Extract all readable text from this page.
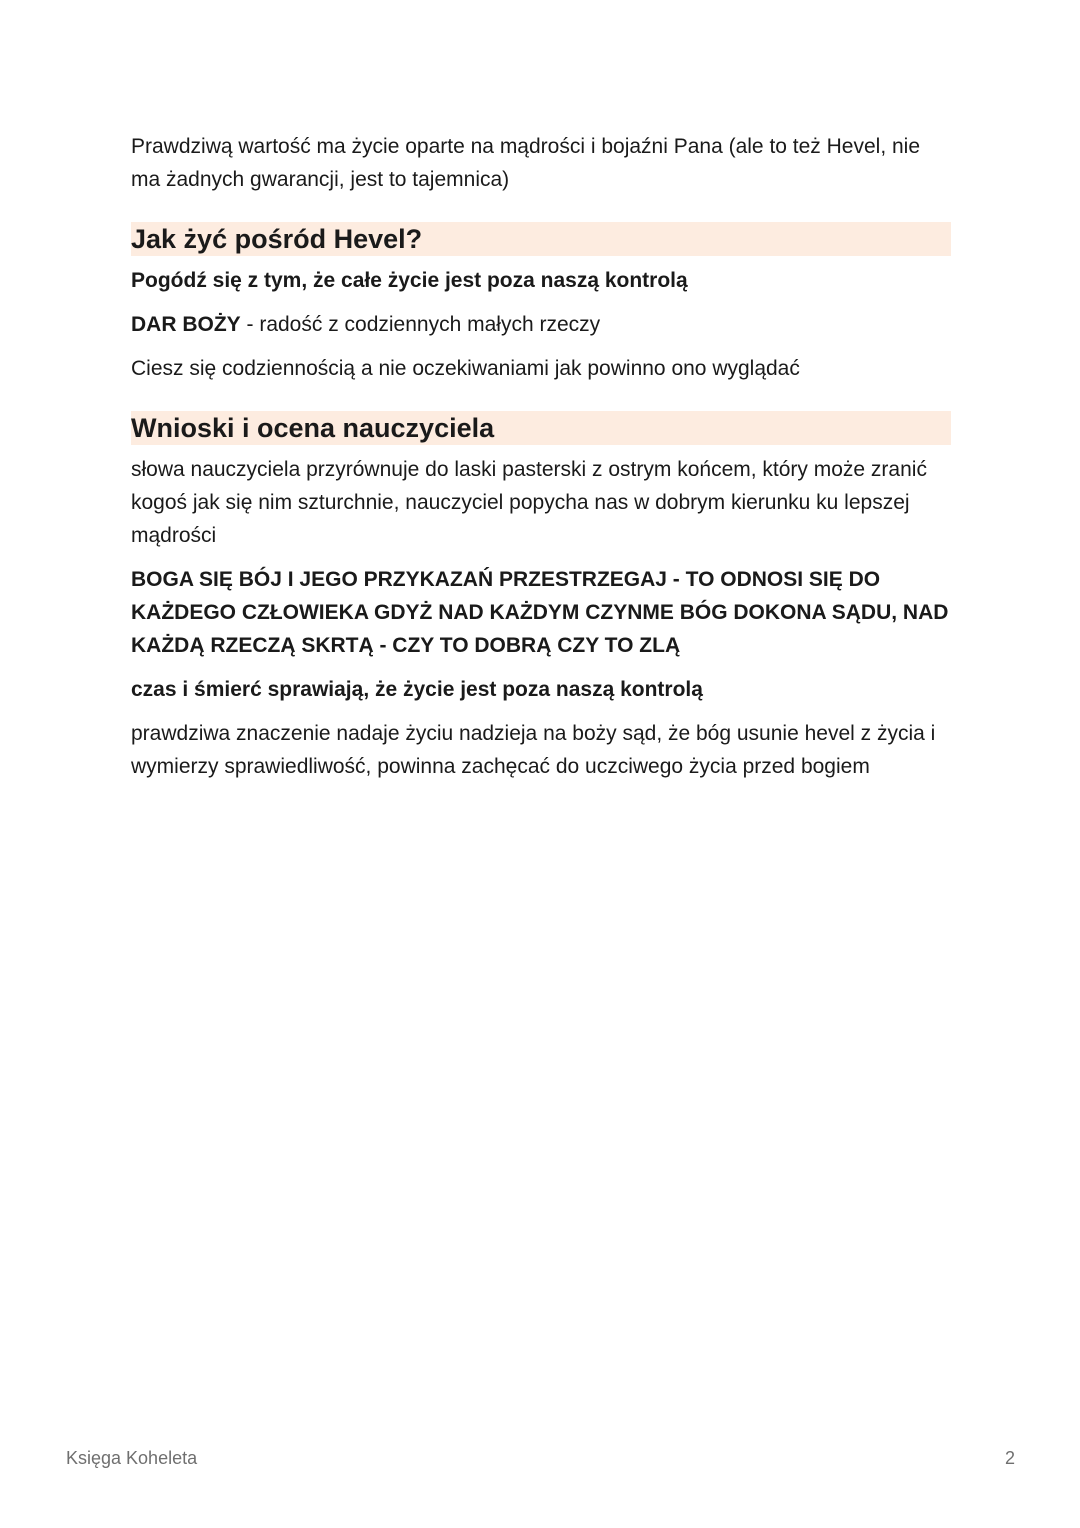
Prawdziwą wartość ma życie oparte na mądrości i bojaźni Pana (ale to też Hevel, nie ma żadnych gwarancji, jest to tajemnica)

Jak żyć pośród Hevel?

Pogódź się z tym, że całe życie jest poza naszą kontrolą

DAR BOŻY - radość z codziennych małych rzeczy

Ciesz się codziennością a nie oczekiwaniami jak powinno ono wyglądać

Wnioski i ocena nauczyciela

słowa nauczyciela przyrównuje do laski pasterski z ostrym końcem, który może zranić kogoś jak się nim szturchnie, nauczyciel popycha nas w dobrym kierunku ku lepszej mądrości

BOGA SIĘ BÓJ I JEGO PRZYKAZAŃ PRZESTRZEGAJ - TO ODNOSI SIĘ DO KAŻDEGO CZŁOWIEKA GDYŻ NAD KAŻDYM CZYNME BÓG DOKONA SĄDU, NAD KAŻDĄ RZECZĄ SKRTĄ - CZY TO DOBRĄ CZY TO ZLĄ

czas i śmierć sprawiają, że życie jest poza naszą kontrolą

prawdziwa znaczenie nadaje życiu nadzieja na boży sąd, że bóg usunie hevel z życia i wymierzy sprawiedliwość, powinna zachęcać do uczciwego życia przed bogiem

Księga Koheleta	2
